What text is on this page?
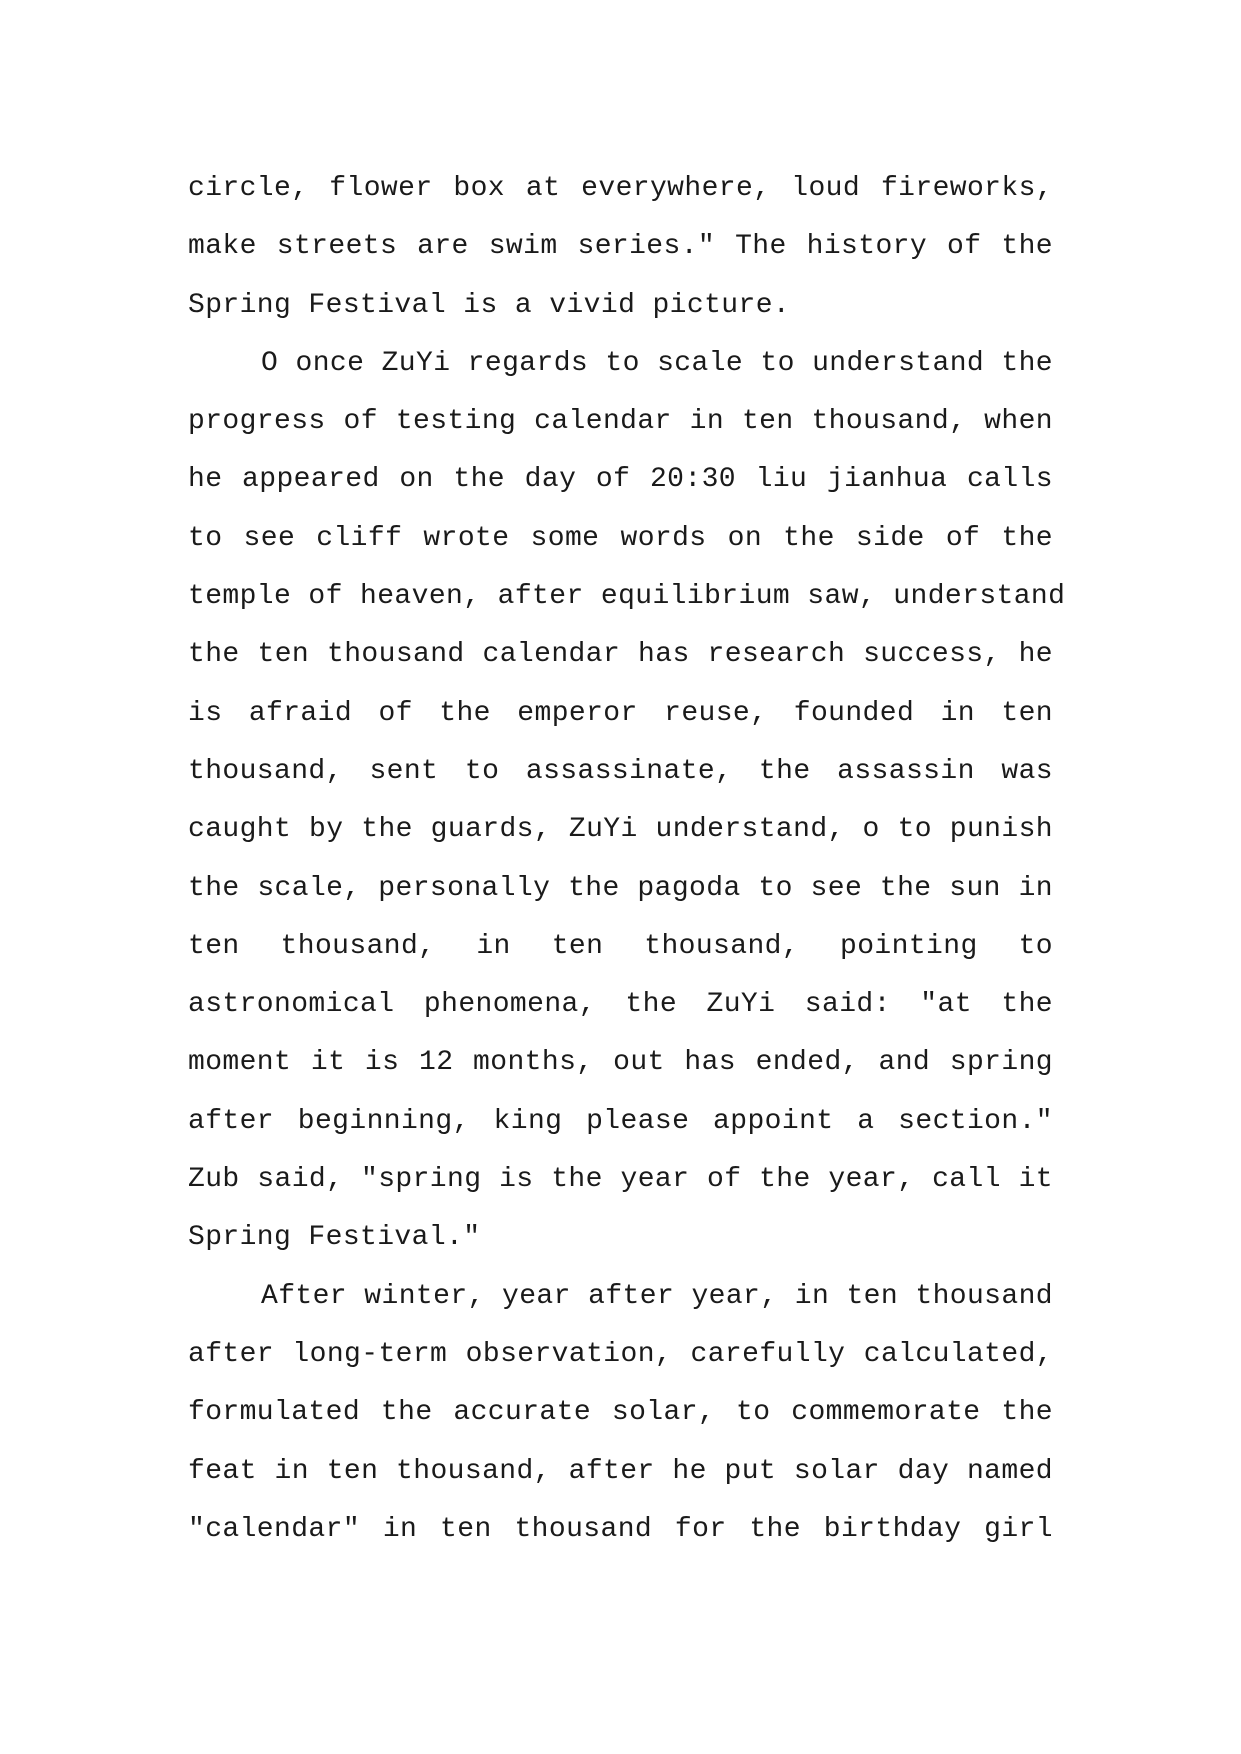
circle, flower box at everywhere, loud fireworks,
make streets are swim series." The history of the
Spring Festival is a vivid picture.
O once ZuYi regards to scale to understand the
progress of testing calendar in ten thousand, when
he appeared on the day of 20:30 liu jianhua calls
to see cliff wrote some words on the side of the
temple of heaven, after equilibrium saw, understand
the ten thousand calendar has research success, he
is afraid of the emperor reuse, founded in ten
thousand, sent to assassinate, the assassin was
caught by the guards, ZuYi understand, o to punish
the scale, personally the pagoda to see the sun in
ten thousand, in ten thousand, pointing to
astronomical phenomena, the ZuYi said: "at the
moment it is 12 months, out has ended, and spring
after beginning, king please appoint a section."
Zub said, "spring is the year of the year, call it
Spring Festival."
After winter, year after year, in ten thousand
after long-term observation, carefully calculated,
formulated the accurate solar, to commemorate the
feat in ten thousand, after he put solar day named
"calendar" in ten thousand for the birthday girl
